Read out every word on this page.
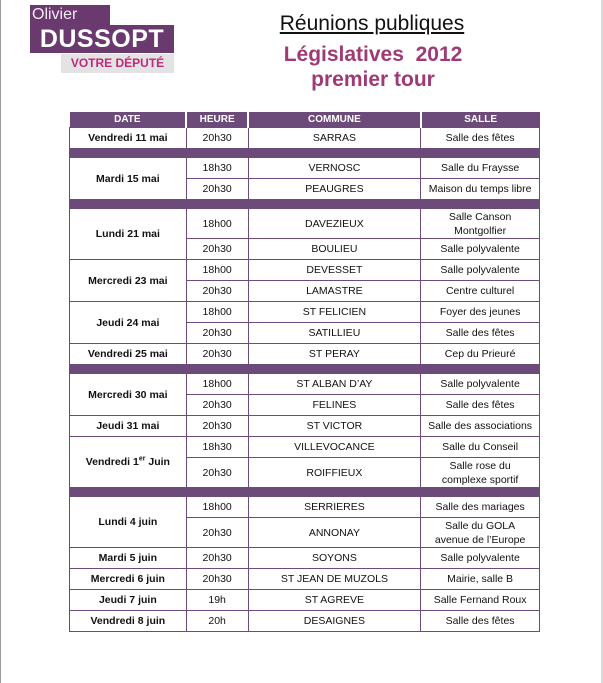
Olivier
DUSSOPT
VOTRE DÉPUTÉ
Réunions publiques
Législatives  2012
premier tour
DATE	HEURE	COMMUNE	SALLE
Vendredi 11 mai	20h30	SARRAS	Salle des fêtes

Mardi 15 mai	18h30	VERNOSC	Salle du Fraysse
	20h30	PEAUGRES	Maison du temps libre

Lundi 21 mai	18h00	DAVEZIEUX	Salle Canson
Montgolfier

	20h30	BOULIEU	Salle polyvalente
Mercredi 23 mai	18h00	DEVESSET	Salle polyvalente
	20h30	LAMASTRE	Centre culturel
Jeudi 24 mai	18h00	ST FELICIEN	Foyer des jeunes
	20h30	SATILLIEU	Salle des fêtes
Vendredi 25 mai	20h30	ST PERAY	Cep du Prieuré

Mercredi 30 mai	18h00	ST ALBAN D’AY	Salle polyvalente
	20h30	FELINES	Salle des fêtes
Jeudi 31 mai	20h30	ST VICTOR	Salle des associations
Vendredi 1er Juin	18h30	VILLEVOCANCE	Salle du Conseil
	20h30	ROIFFIEUX	Salle rose du
complexe sportif

Lundi 4 juin	18h00	SERRIERES	Salle des mariages
	20h30	ANNONAY	Salle du GOLA
avenue de l’Europe

Mardi 5 juin	20h30	SOYONS	Salle polyvalente
Mercredi 6 juin	20h30	ST JEAN DE MUZOLS	Mairie, salle B
Jeudi 7 juin	19h	ST AGREVE	Salle Fernand Roux
Vendredi 8 juin	20h	DESAIGNES	Salle des fêtes
